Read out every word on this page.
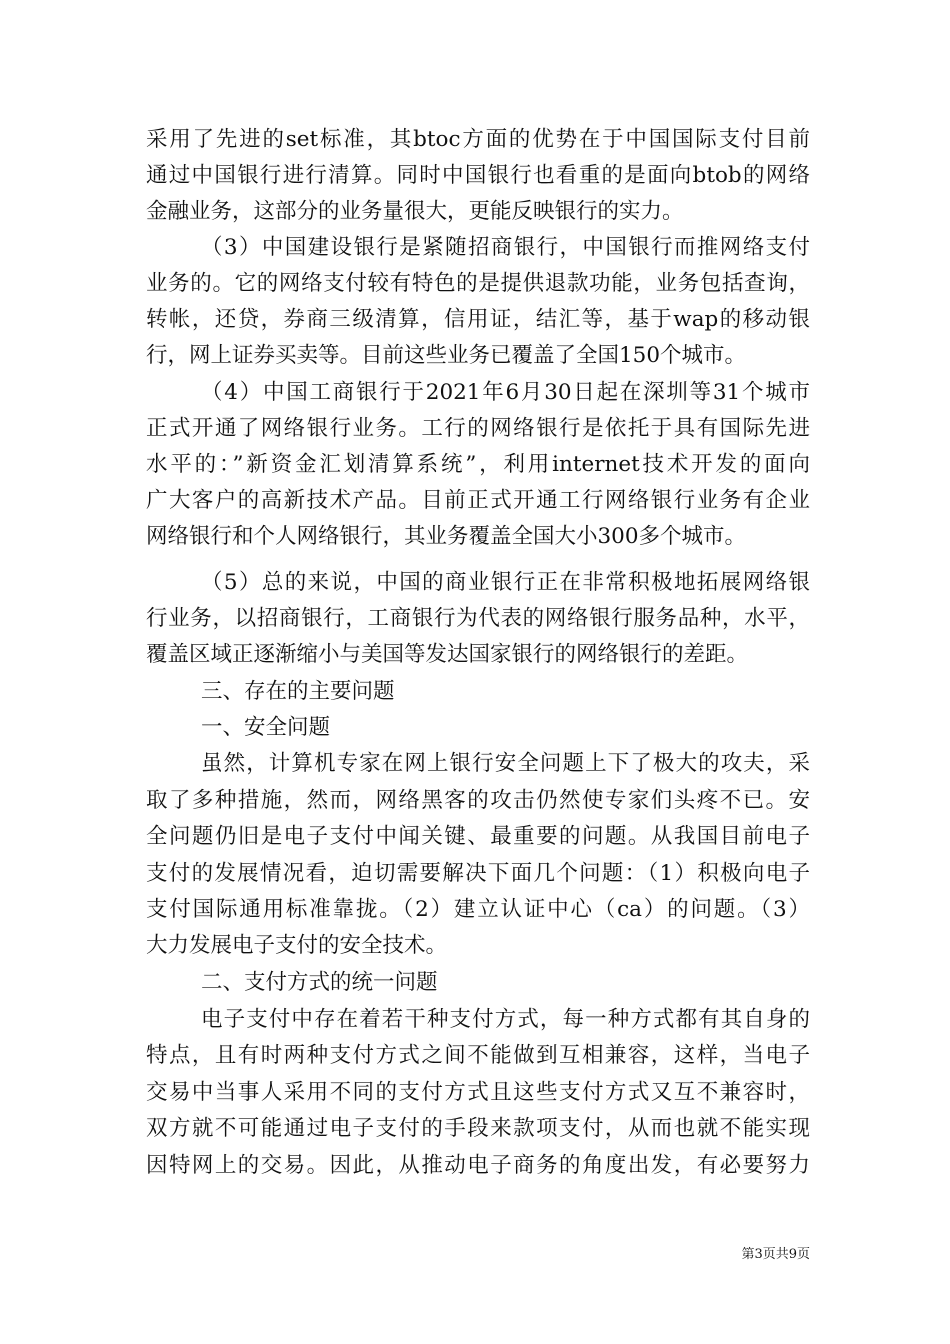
采用了先进的set标准，其btoc方面的优势在于中国国际支付目前
通过中国银行进行清算。同时中国银行也看重的是面向btob的网络
金融业务，这部分的业务量很大，更能反映银行的实力。
（3）中国建设银行是紧随招商银行，中国银行而推网络支付
业务的。它的网络支付较有特色的是提供退款功能，业务包括查询，
转帐，还贷，券商三级清算，信用证，结汇等，基于wap的移动银
行，网上证券买卖等。目前这些业务已覆盖了全国150个城市。
（4）中国工商银行于2021年6月30日起在深圳等31个城市
正式开通了网络银行业务。工行的网络银行是依托于具有国际先进
水平的：”新资金汇划清算系统”，利用internet技术开发的面向
广大客户的高新技术产品。目前正式开通工行网络银行业务有企业
网络银行和个人网络银行，其业务覆盖全国大小300多个城市。
（5）总的来说，中国的商业银行正在非常积极地拓展网络银
行业务，以招商银行，工商银行为代表的网络银行服务品种，水平，
覆盖区域正逐渐缩小与美国等发达国家银行的网络银行的差距。
三、存在的主要问题
一、安全问题
虽然，计算机专家在网上银行安全问题上下了极大的攻夫，采
取了多种措施，然而，网络黑客的攻击仍然使专家们头疼不已。安
全问题仍旧是电子支付中闻关键、最重要的问题。从我国目前电子
支付的发展情况看，迫切需要解决下面几个问题：（1）积极向电子
支付国际通用标准靠拢。（2）建立认证中心（ca）的问题。（3）
大力发展电子支付的安全技术。
二、支付方式的统一问题
电子支付中存在着若干种支付方式，每一种方式都有其自身的
特点，且有时两种支付方式之间不能做到互相兼容，这样，当电子
交易中当事人采用不同的支付方式且这些支付方式又互不兼容时，
双方就不可能通过电子支付的手段来款项支付，从而也就不能实现
因特网上的交易。因此，从推动电子商务的角度出发，有必要努力
第3页共9页
